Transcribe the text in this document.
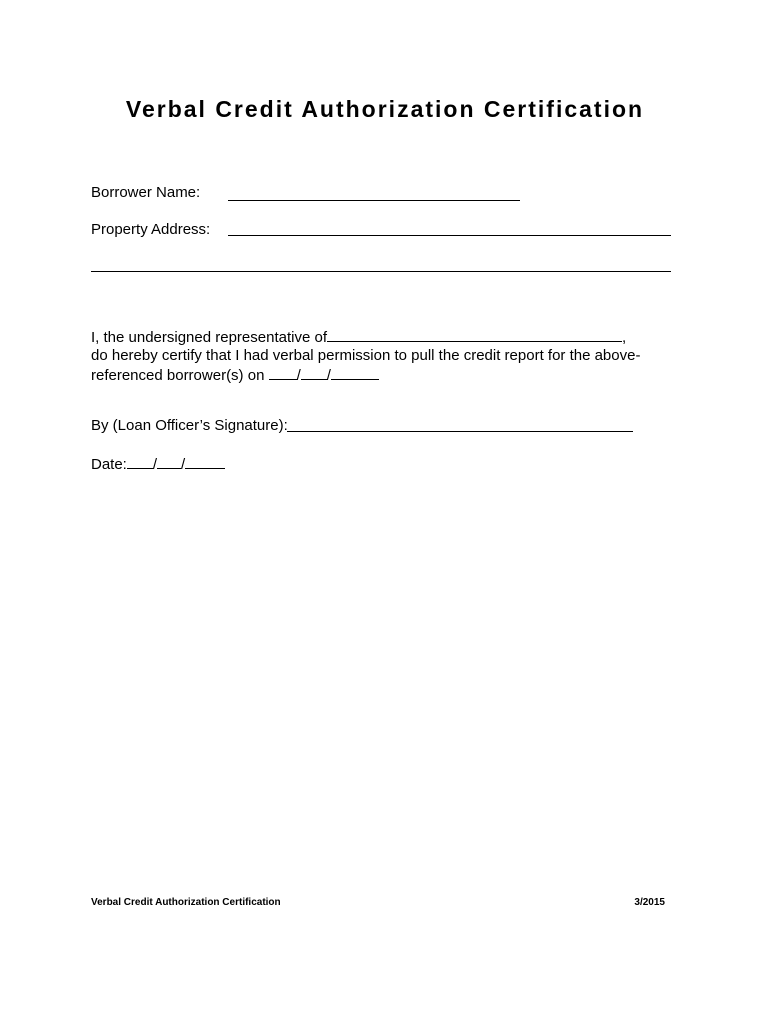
Verbal Credit Authorization Certification
Borrower Name:
Property Address:
I, the undersigned representative of	,
do hereby certify that I had verbal permission to pull the credit report for the above-
referenced borrower(s) on / /
By (Loan Officer’s Signature):
Date: / /
Verbal Credit Authorization Certification	3/2015
